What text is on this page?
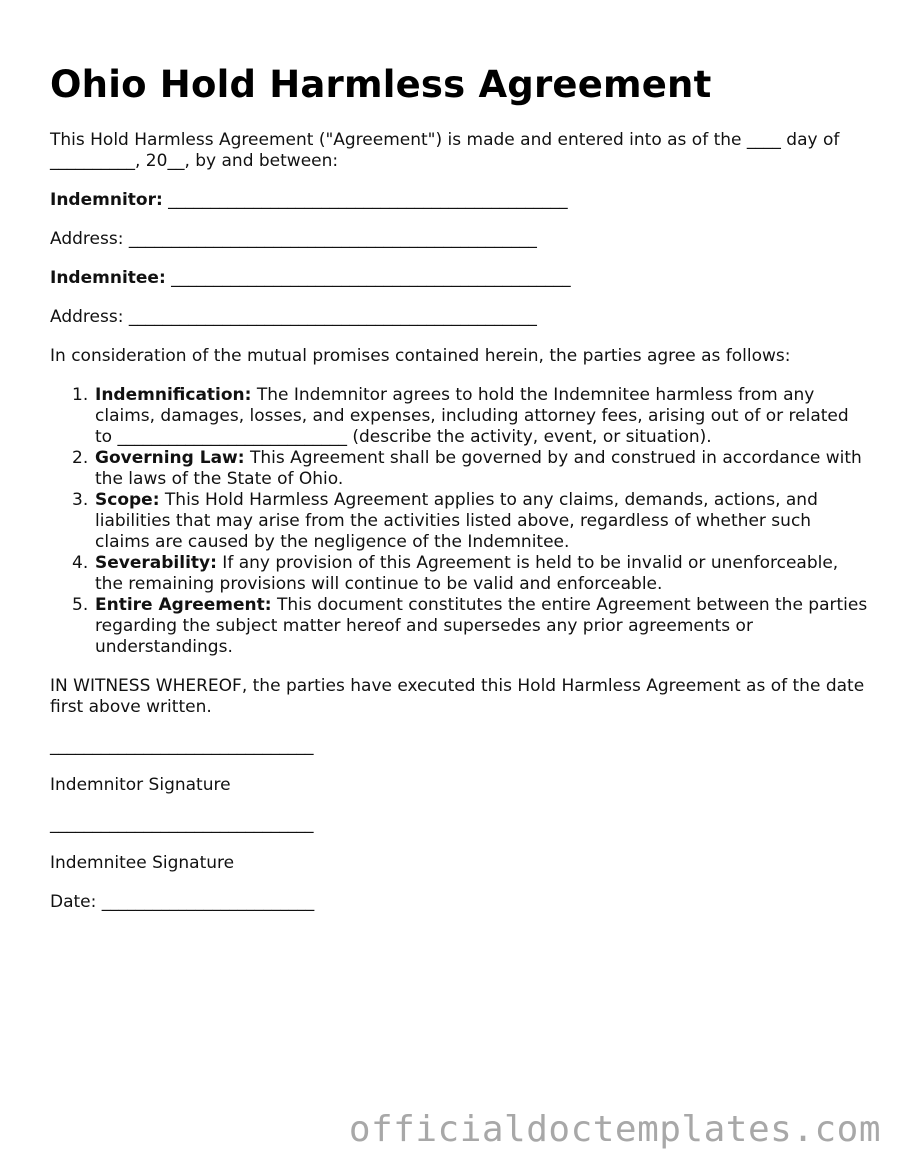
Ohio Hold Harmless Agreement

This Hold Harmless Agreement ("Agreement") is made and entered into as of the ____ day of __________, 20__, by and between:

Indemnitor: _______________________________________________

Address: ________________________________________________

Indemnitee: _______________________________________________

Address: ________________________________________________

In consideration of the mutual promises contained herein, the parties agree as follows:

1. Indemnification: The Indemnitor agrees to hold the Indemnitee harmless from any claims, damages, losses, and expenses, including attorney fees, arising out of or related to ___________________________ (describe the activity, event, or situation).
2. Governing Law: This Agreement shall be governed by and construed in accordance with the laws of the State of Ohio.
3. Scope: This Hold Harmless Agreement applies to any claims, demands, actions, and liabilities that may arise from the activities listed above, regardless of whether such claims are caused by the negligence of the Indemnitee.
4. Severability: If any provision of this Agreement is held to be invalid or unenforceable, the remaining provisions will continue to be valid and enforceable.
5. Entire Agreement: This document constitutes the entire Agreement between the parties regarding the subject matter hereof and supersedes any prior agreements or understandings.

IN WITNESS WHEREOF, the parties have executed this Hold Harmless Agreement as of the date first above written.

_______________________________

Indemnitor Signature

_______________________________

Indemnitee Signature

Date: _________________________

officialdoctemplates.com
